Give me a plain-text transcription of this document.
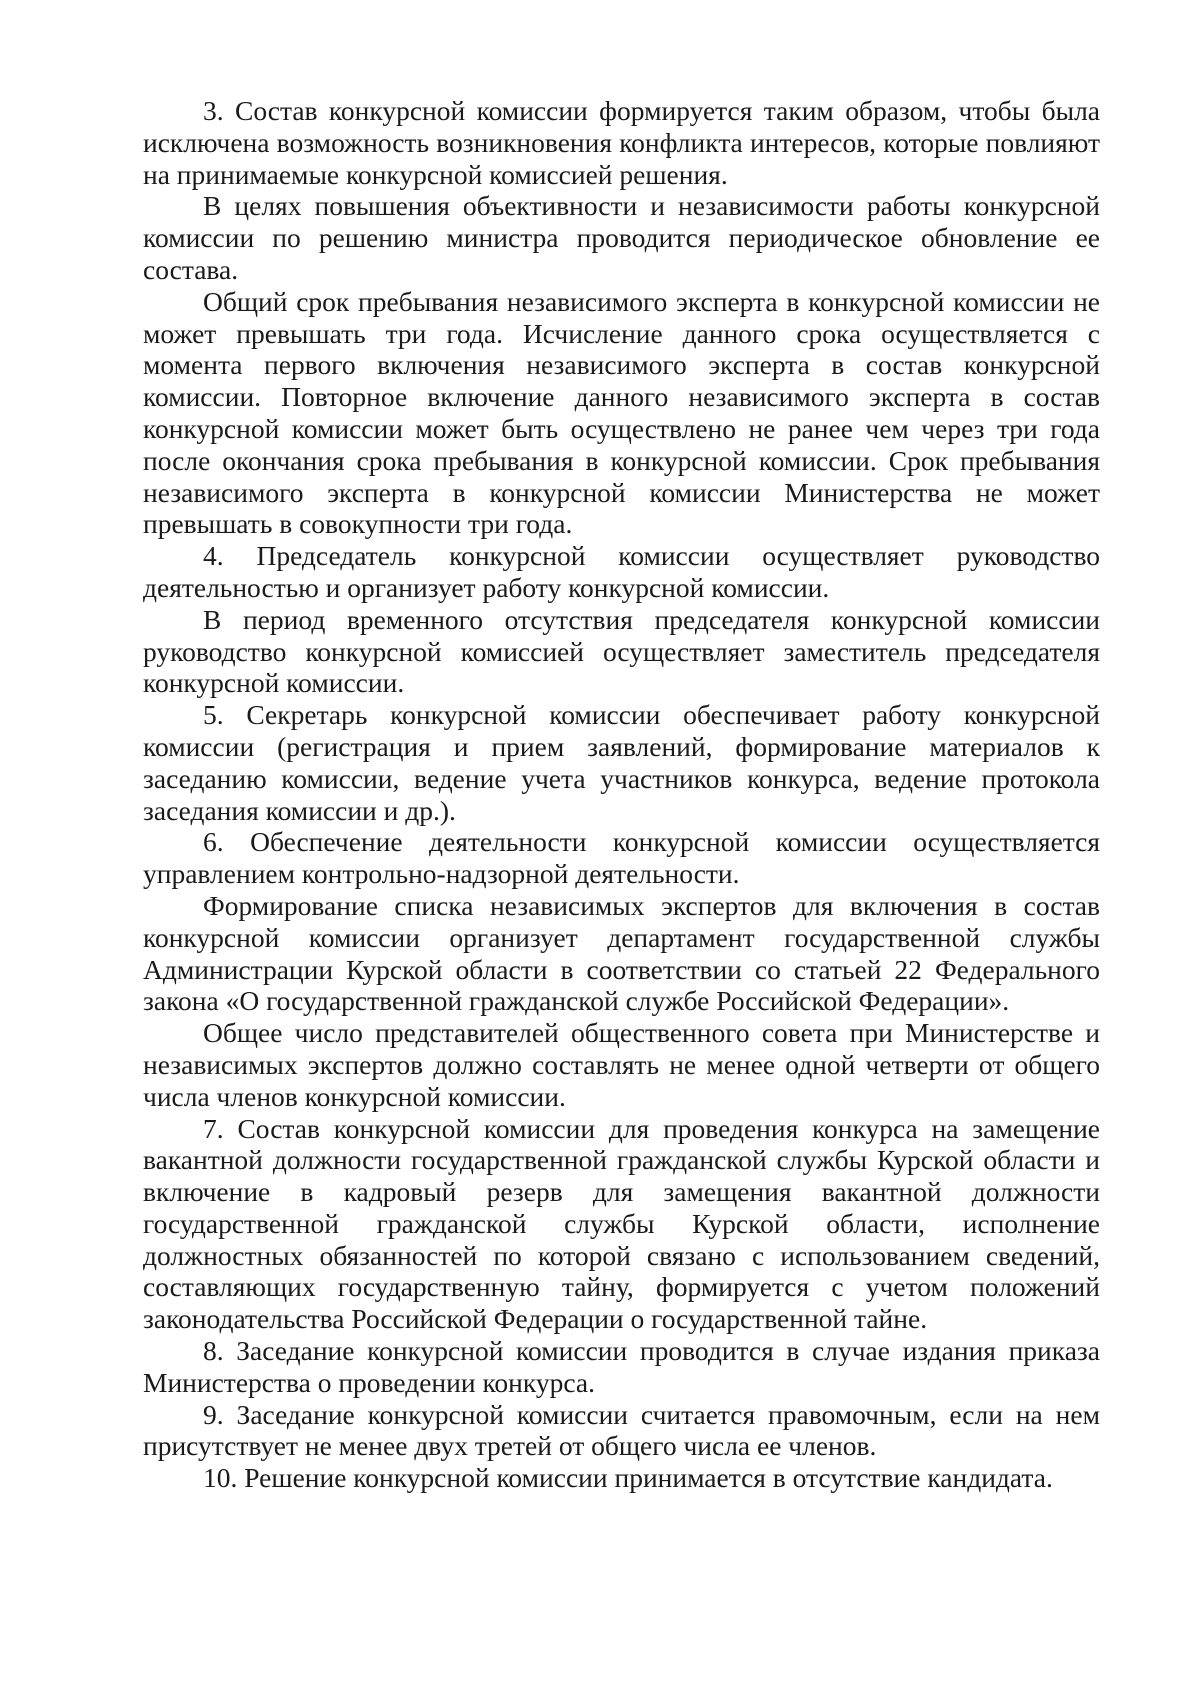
3. Состав конкурсной комиссии формируется таким образом, чтобы была исключена возможность возникновения конфликта интересов, которые повлияют на принимаемые конкурсной комиссией решения.

В целях повышения объективности и независимости работы конкурсной комиссии по решению министра проводится периодическое обновление ее состава.

Общий срок пребывания независимого эксперта в конкурсной комиссии не может превышать три года. Исчисление данного срока осуществляется с момента первого включения независимого эксперта в состав конкурсной комиссии. Повторное включение данного независимого эксперта в состав конкурсной комиссии может быть осуществлено не ранее чем через три года после окончания срока пребывания в конкурсной комиссии. Срок пребывания независимого эксперта в конкурсной комиссии Министерства не может превышать в совокупности три года.

4. Председатель конкурсной комиссии осуществляет руководство деятельностью и организует работу конкурсной комиссии.

В период временного отсутствия председателя конкурсной комиссии руководство конкурсной комиссией осуществляет заместитель председателя конкурсной комиссии.

5. Секретарь конкурсной комиссии обеспечивает работу конкурсной комиссии (регистрация и прием заявлений, формирование материалов к заседанию комиссии, ведение учета участников конкурса, ведение протокола заседания комиссии и др.).

6. Обеспечение деятельности конкурсной комиссии осуществляется управлением контрольно-надзорной деятельности.

Формирование списка независимых экспертов для включения в состав конкурсной комиссии организует департамент государственной службы Администрации Курской области в соответствии со статьей 22 Федерального закона «О государственной гражданской службе Российской Федерации».

Общее число представителей общественного совета при Министерстве и независимых экспертов должно составлять не менее одной четверти от общего числа членов конкурсной комиссии.

7. Состав конкурсной комиссии для проведения конкурса на замещение вакантной должности государственной гражданской службы Курской области и включение в кадровый резерв для замещения вакантной должности государственной гражданской службы Курской области, исполнение должностных обязанностей по которой связано с использованием сведений, составляющих государственную тайну, формируется с учетом положений законодательства Российской Федерации о государственной тайне.

8. Заседание конкурсной комиссии проводится в случае издания приказа Министерства о проведении конкурса.

9. Заседание конкурсной комиссии считается правомочным, если на нем присутствует не менее двух третей от общего числа ее членов.

10. Решение конкурсной комиссии принимается в отсутствие кандидата.
